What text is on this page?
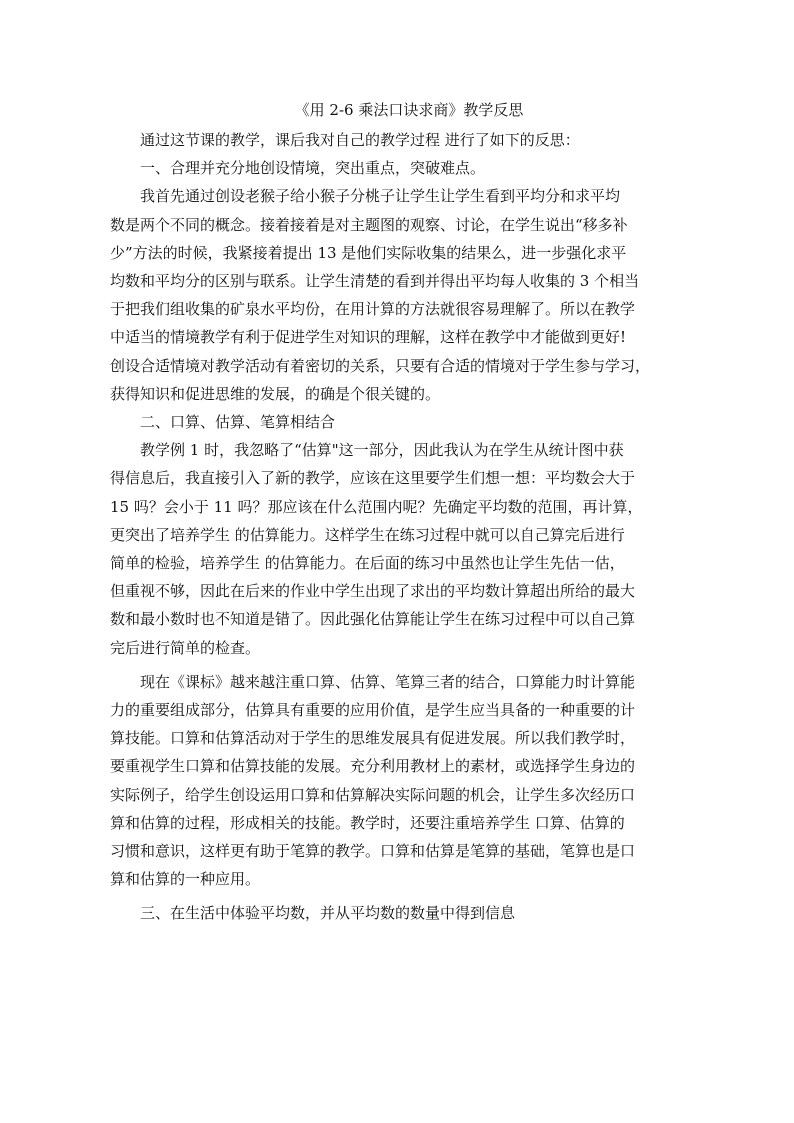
《用 2-6 乘法口诀求商》教学反思

通过这节课的教学，课后我对自己的教学过程 进行了如下的反思：

一、合理并充分地创设情境，突出重点，突破难点。

我首先通过创设老猴子给小猴子分桃子让学生让学生看到平均分和求平均

数是两个不同的概念。接着接着是对主题图的观察、讨论，在学生说出“移多补

少”方法的时候，我紧接着提出 13 是他们实际收集的结果么，进一步强化求平

均数和平均分的区别与联系。让学生清楚的看到并得出平均每人收集的 3 个相当

于把我们组收集的矿泉水平均份，在用计算的方法就很容易理解了。所以在教学

中适当的情境教学有利于促进学生对知识的理解，这样在教学中才能做到更好!

创设合适情境对教学活动有着密切的关系，只要有合适的情境对于学生参与学习，

获得知识和促进思维的发展，的确是个很关键的。

二、口算、估算、笔算相结合

教学例 1 时，我忽略了“估算"这一部分，因此我认为在学生从统计图中获

得信息后，我直接引入了新的教学，应该在这里要学生们想一想：平均数会大于

15 吗？会小于 11 吗？那应该在什么范围内呢？先确定平均数的范围，再计算，

更突出了培养学生 的估算能力。这样学生在练习过程中就可以自己算完后进行

简单的检验，培养学生 的估算能力。在后面的练习中虽然也让学生先估一估，

但重视不够，因此在后来的作业中学生出现了求出的平均数计算超出所给的最大

数和最小数时也不知道是错了。因此强化估算能让学生在练习过程中可以自己算

完后进行简单的检查。

现在《课标》越来越注重口算、估算、笔算三者的结合，口算能力时计算能

力的重要组成部分，估算具有重要的应用价值，是学生应当具备的一种重要的计

算技能。口算和估算活动对于学生的思维发展具有促进发展。所以我们教学时，

要重视学生口算和估算技能的发展。充分利用教材上的素材，或选择学生身边的

实际例子，给学生创设运用口算和估算解决实际问题的机会，让学生多次经历口

算和估算的过程，形成相关的技能。教学时，还要注重培养学生 口算、估算的

习惯和意识，这样更有助于笔算的教学。口算和估算是笔算的基础，笔算也是口

算和估算的一种应用。

三、在生活中体验平均数，并从平均数的数量中得到信息
